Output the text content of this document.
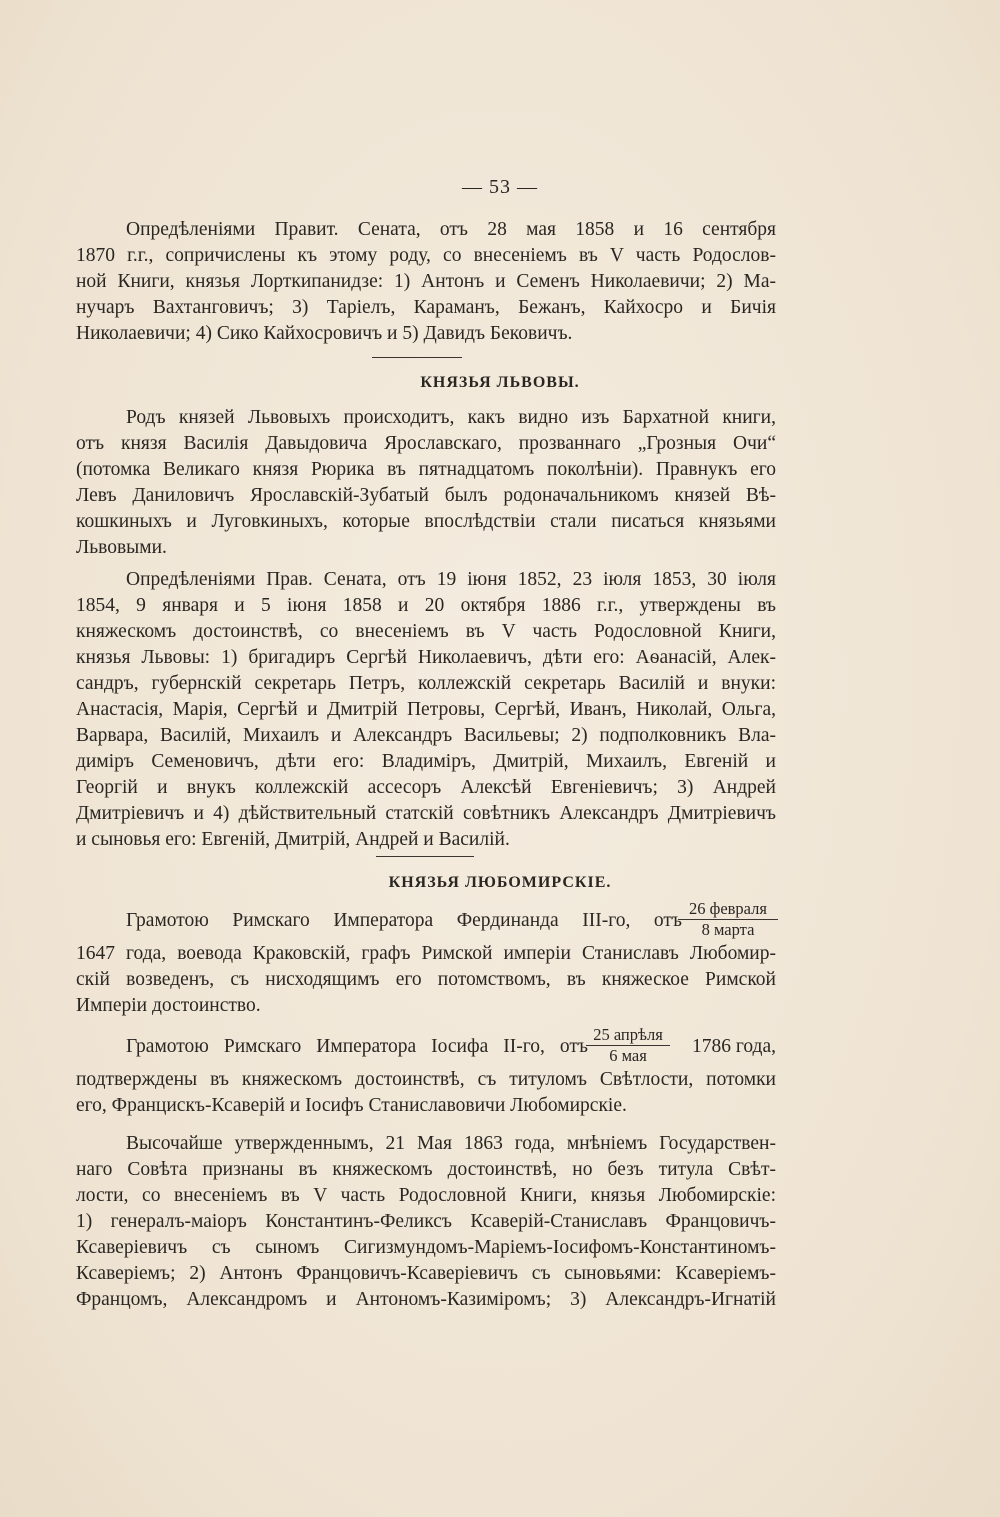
— 53 —
Опредѣленіями Правит. Сената, отъ 28 мая 1858 и 16 сентября
1870 г.г., сопричислены къ этому роду, со внесеніемъ въ V часть Родослов-
ной Книги, князья Лорткипанидзе: 1) Антонъ и Семенъ Николаевичи; 2) Ма-
нучаръ Вахтанговичъ; 3) Таріелъ, Караманъ, Бежанъ, Кайхосро и Бичія
Николаевичи; 4) Сико Кайхосровичъ и 5) Давидъ Бековичъ.
КНЯЗЬЯ ЛЬВОВЫ.
Родъ князей Львовыхъ происходитъ, какъ видно изъ Бархатной книги,
отъ князя Василія Давыдовича Ярославскаго, прозваннаго „Грозныя Очи“
(потомка Великаго князя Рюрика въ пятнадцатомъ поколѣніи). Правнукъ его
Левъ Даниловичъ Ярославскій-Зубатый былъ родоначальникомъ князей Вѣ-
кошкиныхъ и Луговкиныхъ, которые впослѣдствіи стали писаться князьями
Львовыми.
Опредѣленіями Прав. Сената, отъ 19 іюня 1852, 23 іюля 1853, 30 іюля
1854, 9 января и 5 іюня 1858 и 20 октября 1886 г.г., утверждены въ
княжескомъ достоинствѣ, со внесеніемъ въ V часть Родословной Книги,
князья Львовы: 1) бригадиръ Сергѣй Николаевичъ, дѣти его: Аѳанасій, Алек-
сандръ, губернскій секретарь Петръ, коллежскій секретарь Василій и внуки:
Анастасія, Марія, Сергѣй и Дмитрій Петровы, Сергѣй, Иванъ, Николай, Ольга,
Варвара, Василій, Михаилъ и Александръ Васильевы; 2) подполковникъ Вла-
диміръ Семеновичъ, дѣти его: Владиміръ, Дмитрій, Михаилъ, Евгеній и
Георгій и внукъ коллежскій ассесоръ Алексѣй Евгеніевичъ; 3) Андрей
Дмитріевичъ и 4) дѣйствительный статскій совѣтникъ Александръ Дмитріевичъ
и сыновья его: Евгеній, Дмитрій, Андрей и Василій.
КНЯЗЬЯ ЛЮБОМИРСКІЕ.
Грамотою Римскаго Императора Фердинанда III-го, отъ
26 февраля
8 марта
1647 года, воевода Краковскій, графъ Римской имперіи Станиславъ Любомир-
скій возведенъ, съ нисходящимъ его потомствомъ, въ княжеское Римской
Имперіи достоинство.
Грамотою Римскаго Императора Іосифа II-го, отъ
25 апрѣля
6 мая	1786 года,
подтверждены въ княжескомъ достоинствѣ, съ титуломъ Свѣтлости, потомки
его, Францискъ-Ксаверій и Іосифъ Станиславовичи Любомирскіе.
Высочайше утвержденнымъ, 21 Мая 1863 года, мнѣніемъ Государствен-
наго Совѣта признаны въ княжескомъ достоинствѣ, но безъ титула Свѣт-
лости, со внесеніемъ въ V часть Родословной Книги, князья Любомирскіе:
1) генералъ-маіоръ Константинъ-Феликсъ Ксаверій-Станиславъ Францовичъ-
Ксаверіевичъ съ сыномъ Сигизмундомъ-Маріемъ-Іосифомъ-Константиномъ-
Ксаверіемъ; 2) Антонъ Францовичъ-Ксаверіевичъ съ сыновьями: Ксаверіемъ-
Францомъ, Александромъ и Антономъ-Казиміромъ; 3) Александръ-Игнатій
